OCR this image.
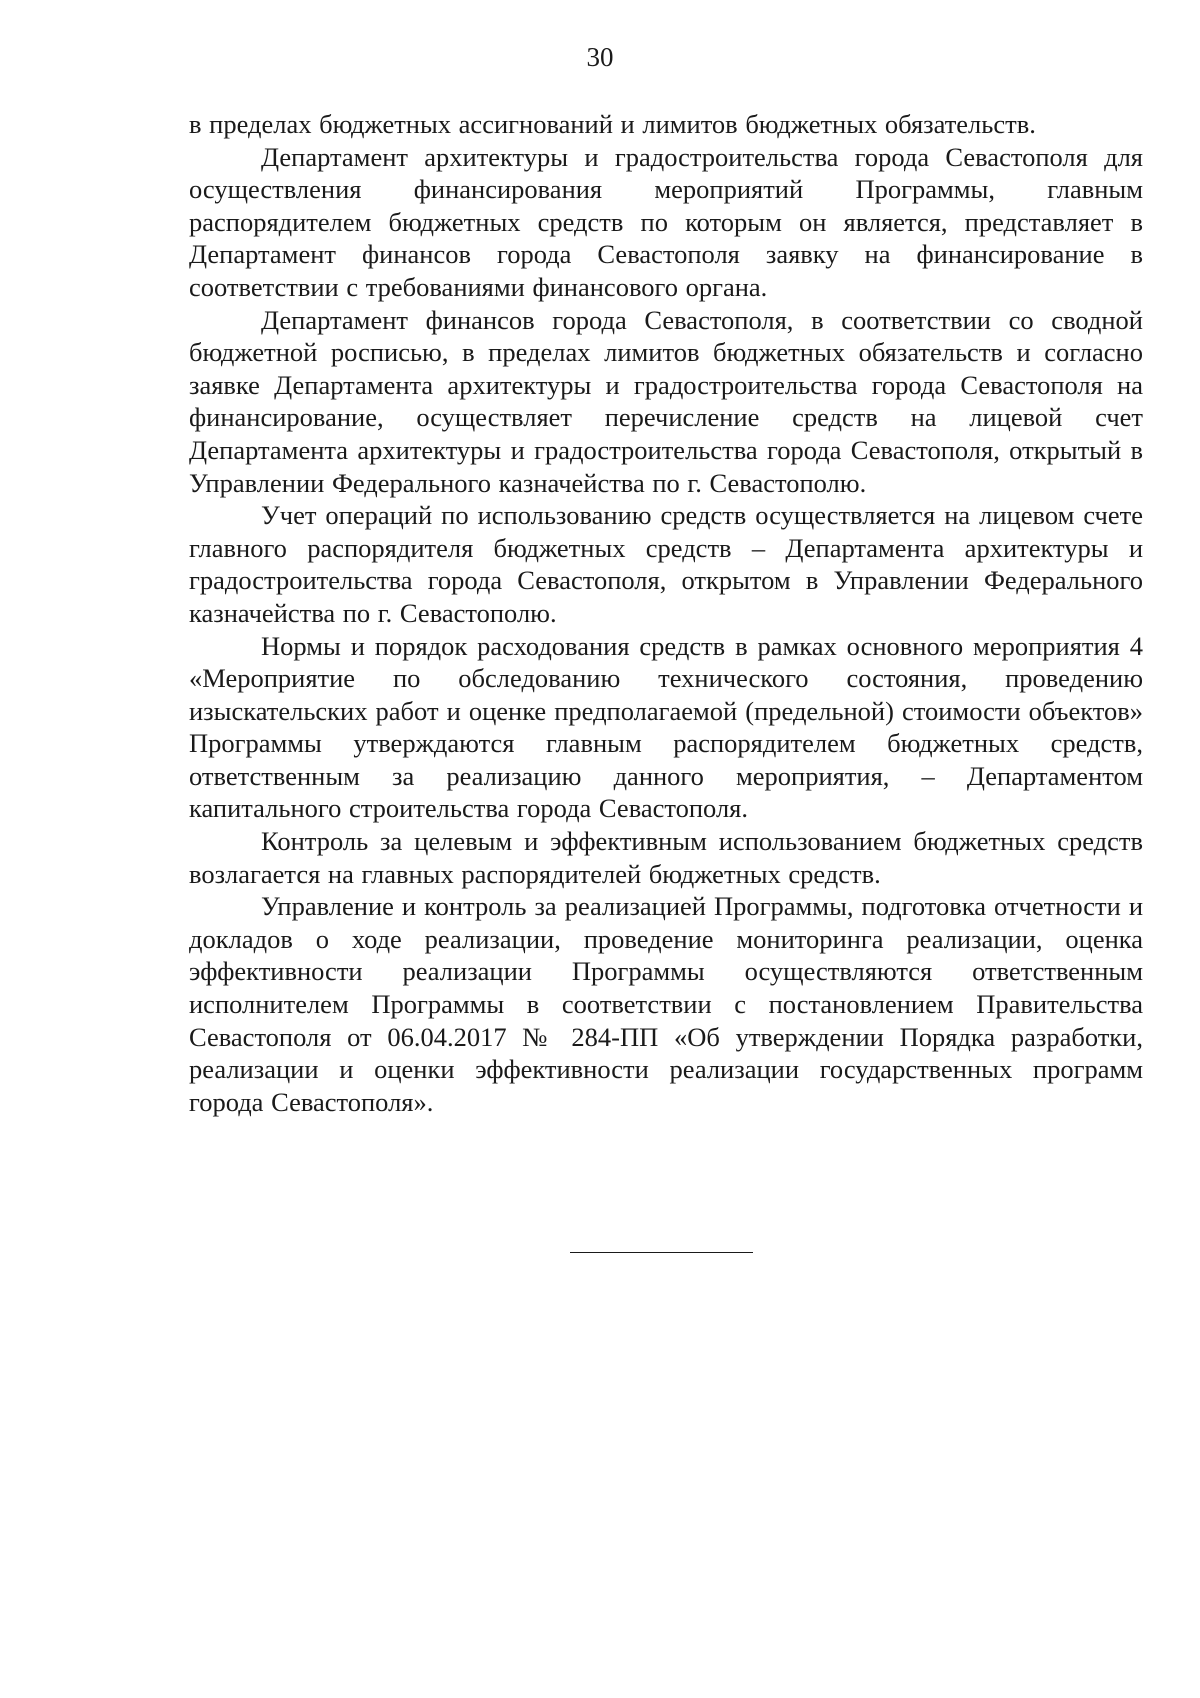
30

в пределах бюджетных ассигнований и лимитов бюджетных обязательств.

Департамент архитектуры и градостроительства города Севастополя для осуществления финансирования мероприятий Программы, главным распорядителем бюджетных средств по которым он является, представляет в Департамент финансов города Севастополя заявку на финансирование в соответствии с требованиями финансового органа.

Департамент финансов города Севастополя, в соответствии со сводной бюджетной росписью, в пределах лимитов бюджетных обязательств и согласно заявке Департамента архитектуры и градостроительства города Севастополя на финансирование, осуществляет перечисление средств на лицевой счет Департамента архитектуры и градостроительства города Севастополя, открытый в Управлении Федерального казначейства по г. Севастополю.

Учет операций по использованию средств осуществляется на лицевом счете главного распорядителя бюджетных средств – Департамента архитектуры и градостроительства города Севастополя, открытом в Управлении Федерального казначейства по г. Севастополю.

Нормы и порядок расходования средств в рамках основного мероприятия 4 «Мероприятие по обследованию технического состояния, проведению изыскательских работ и оценке предполагаемой (предельной) стоимости объектов» Программы утверждаются главным распорядителем бюджетных средств, ответственным за реализацию данного мероприятия, – Департаментом капитального строительства города Севастополя.

Контроль за целевым и эффективным использованием бюджетных средств возлагается на главных распорядителей бюджетных средств.

Управление и контроль за реализацией Программы, подготовка отчетности и докладов о ходе реализации, проведение мониторинга реализации, оценка эффективности реализации Программы осуществляются ответственным исполнителем Программы в соответствии с постановлением Правительства Севастополя от 06.04.2017 № 284-ПП «Об утверждении Порядка разработки, реализации и оценки эффективности реализации государственных программ города Севастополя».
